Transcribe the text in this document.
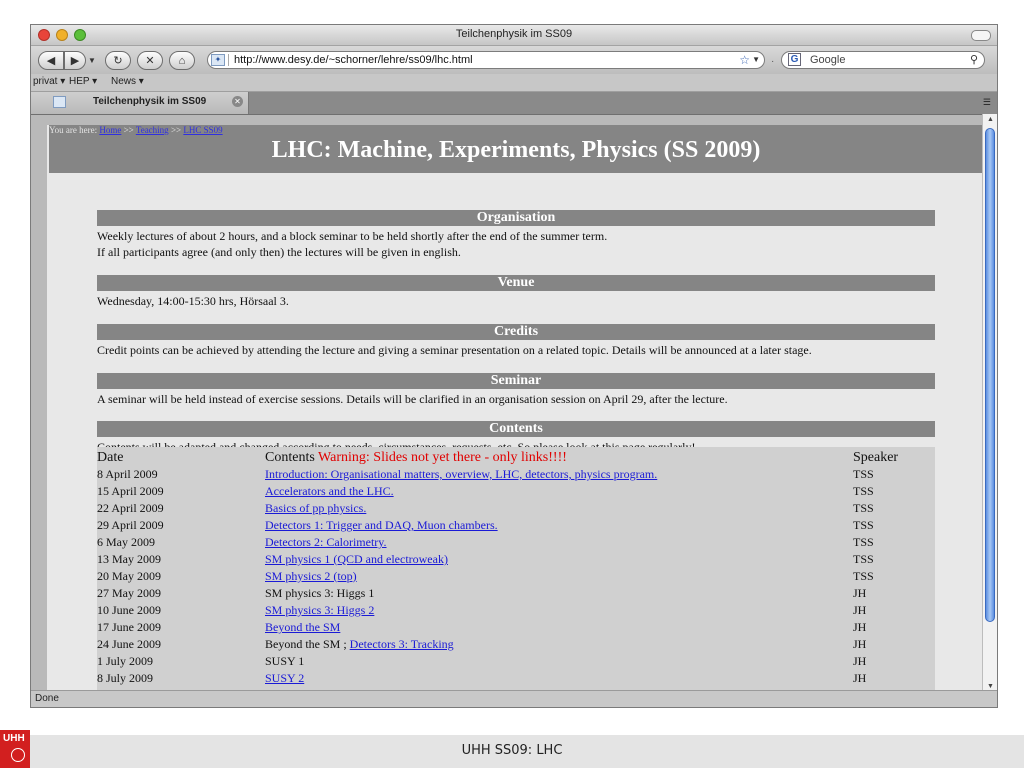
Teilchenphysik im SS09
◀ ▶ ▼ ↻ ✕ ⌂	✦	http://www.desy.de/~schorner/lehre/ss09/lhc.html	☆ ▼ · G Google	⚲
privat ▾ HEP ▾ News ▾
Teilchenphysik im SS09	✕	☰
You are here: Home >> Teaching >> LHC SS09
LHC: Machine, Experiments, Physics (SS 2009)
Organisation
Weekly lectures of about 2 hours, and a block seminar to be held shortly after the end of the summer term.
If all participants agree (and only then) the lectures will be given in english.
Venue
Wednesday, 14:00-15:30 hrs, Hörsaal 3.
Credits
Credit points can be achieved by attending the lecture and giving a seminar presentation on a related topic. Details will be announced at a later stage.
Seminar
A seminar will be held instead of exercise sessions. Details will be clarified in an organisation session on April 29, after the lecture.
Contents
Date	Contents Warning: Slides not yet there - only links!!!!	Speaker
8 April 2009	Introduction: Organisational matters, overview, LHC, detectors, physics program.	TSS
15 April 2009	Accelerators and the LHC.	TSS
22 April 2009	Basics of pp physics.	TSS
29 April 2009	Detectors 1: Trigger and DAQ, Muon chambers.	TSS
6 May 2009	Detectors 2: Calorimetry.	TSS
13 May 2009	SM physics 1 (QCD and electroweak)	TSS
20 May 2009	SM physics 2 (top)	TSS
27 May 2009	SM physics 3: Higgs 1	JH
10 June 2009	SM physics 3: Higgs 2	JH
17 June 2009	Beyond the SM	JH
24 June 2009	Beyond the SM ; Detectors 3: Tracking	JH
1 July 2009	SUSY 1	JH
8 July 2009	SUSY 2	JH
▲
▼
Done
UHH SS09: LHC
UHH
